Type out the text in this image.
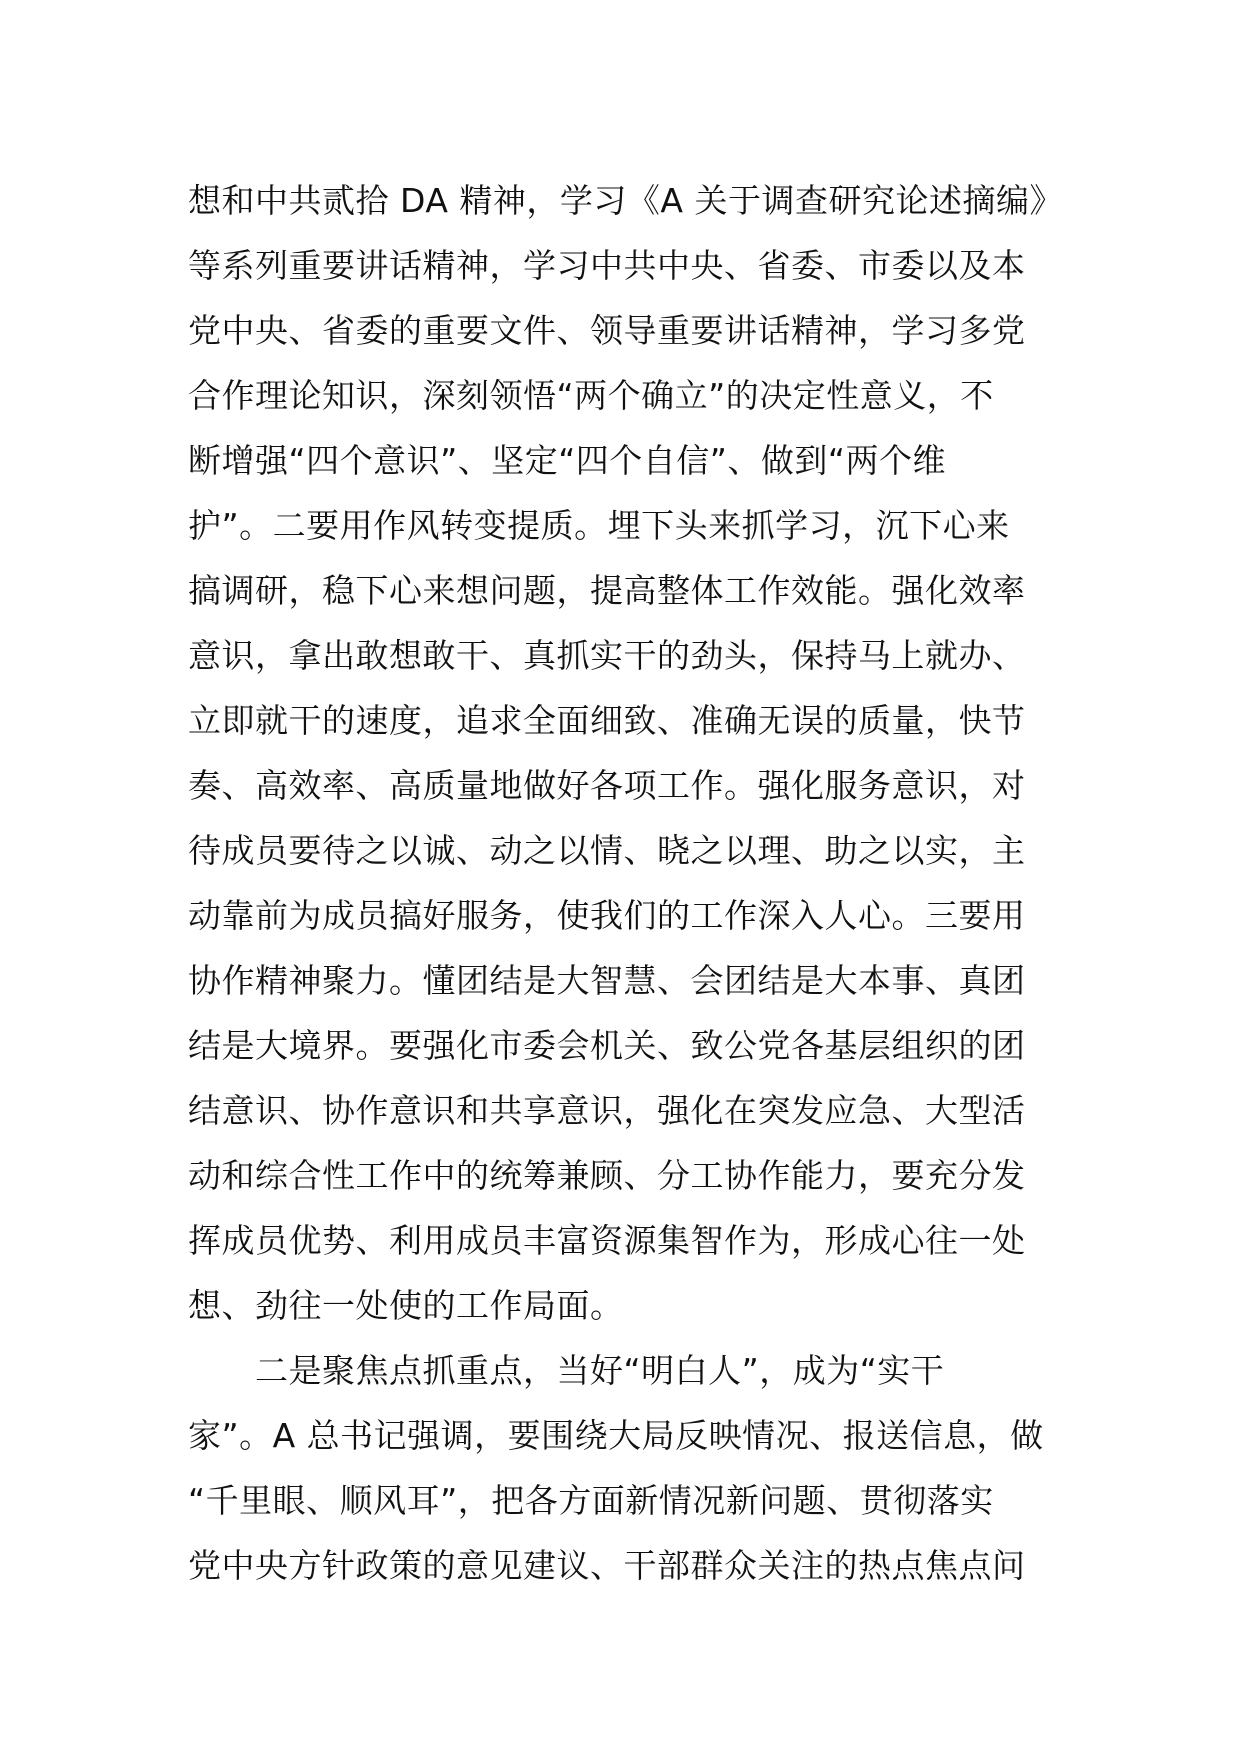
想和中共贰拾 DA 精神，学习《A 关于调查研究论述摘编》
等系列重要讲话精神，学习中共中央、省委、市委以及本
党中央、省委的重要文件、领导重要讲话精神，学习多党
合作理论知识，深刻领悟“两个确立”的决定性意义，不
断增强“四个意识”、坚定“四个自信”、做到“两个维
护”。二要用作风转变提质。埋下头来抓学习，沉下心来
搞调研，稳下心来想问题，提高整体工作效能。强化效率
意识，拿出敢想敢干、真抓实干的劲头，保持马上就办、
立即就干的速度，追求全面细致、准确无误的质量，快节
奏、高效率、高质量地做好各项工作。强化服务意识，对
待成员要待之以诚、动之以情、晓之以理、助之以实，主
动靠前为成员搞好服务，使我们的工作深入人心。三要用
协作精神聚力。懂团结是大智慧、会团结是大本事、真团
结是大境界。要强化市委会机关、致公党各基层组织的团
结意识、协作意识和共享意识，强化在突发应急、大型活
动和综合性工作中的统筹兼顾、分工协作能力，要充分发
挥成员优势、利用成员丰富资源集智作为，形成心往一处
想、劲往一处使的工作局面。
　　二是聚焦点抓重点，当好“明白人”，成为“实干
家”。A 总书记强调，要围绕大局反映情况、报送信息，做
“千里眼、顺风耳”，把各方面新情况新问题、贯彻落实
党中央方针政策的意见建议、干部群众关注的热点焦点问
